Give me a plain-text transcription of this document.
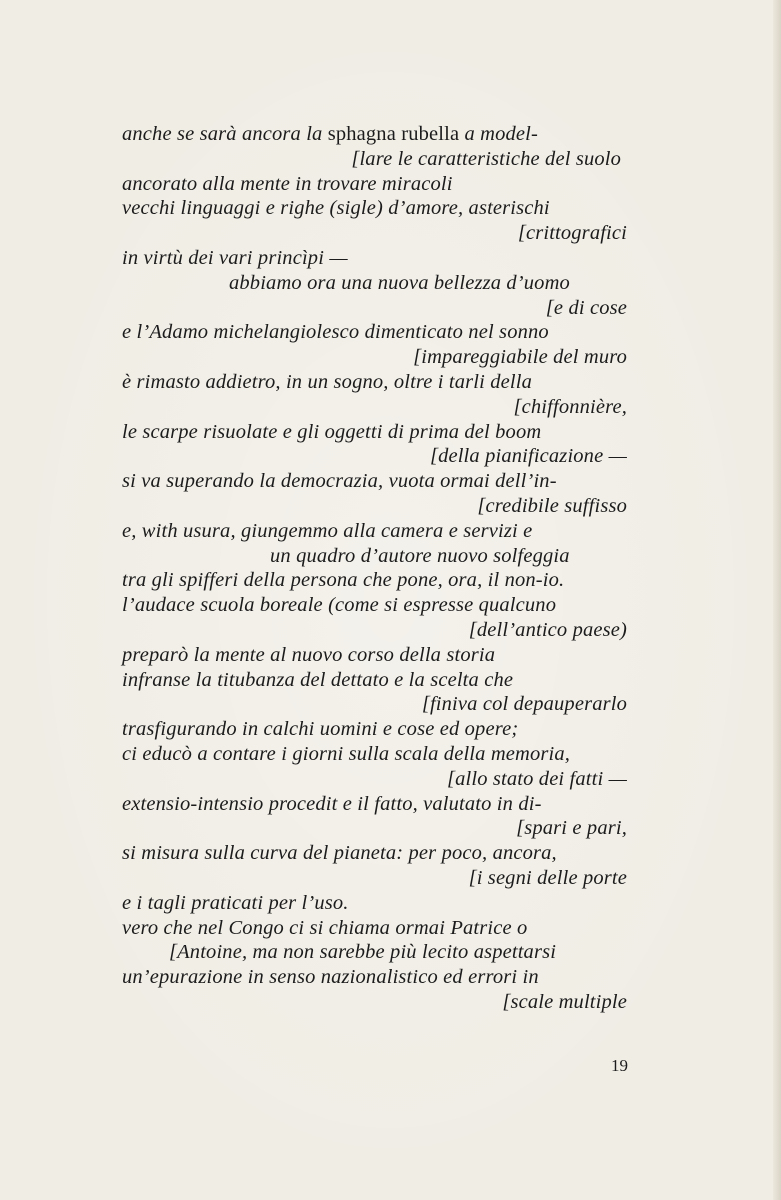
anche se sarà ancora la sphagna rubella a model-
[lare le caratteristiche del suolo
ancorato alla mente in trovare miracoli
vecchi linguaggi e righe (sigle) d’amore, asterischi
[crittografici
in virtù dei vari princìpi —
abbiamo ora una nuova bellezza d’uomo
[e di cose
e l’Adamo michelangiolesco dimenticato nel sonno
[impareggiabile del muro
è rimasto addietro, in un sogno, oltre i tarli della
[chiffonnière,
le scarpe risuolate e gli oggetti di prima del boom
[della pianificazione —
si va superando la democrazia, vuota ormai dell’in-
[credibile suffisso
e, with usura, giungemmo alla camera e servizi e
un quadro d’autore nuovo solfeggia
tra gli spifferi della persona che pone, ora, il non-io.
l’audace scuola boreale (come si espresse qualcuno
[dell’antico paese)
preparò la mente al nuovo corso della storia
infranse la titubanza del dettato e la scelta che
[finiva col depauperarlo
trasfigurando in calchi uomini e cose ed opere;
ci educò a contare i giorni sulla scala della memoria,
[allo stato dei fatti —
extensio-intensio procedit e il fatto, valutato in di-
[spari e pari,
si misura sulla curva del pianeta: per poco, ancora,
[i segni delle porte
e i tagli praticati per l’uso.
vero che nel Congo ci si chiama ormai Patrice o
[Antoine, ma non sarebbe più lecito aspettarsi
un’epurazione in senso nazionalistico ed errori in
[scale multiple
19
